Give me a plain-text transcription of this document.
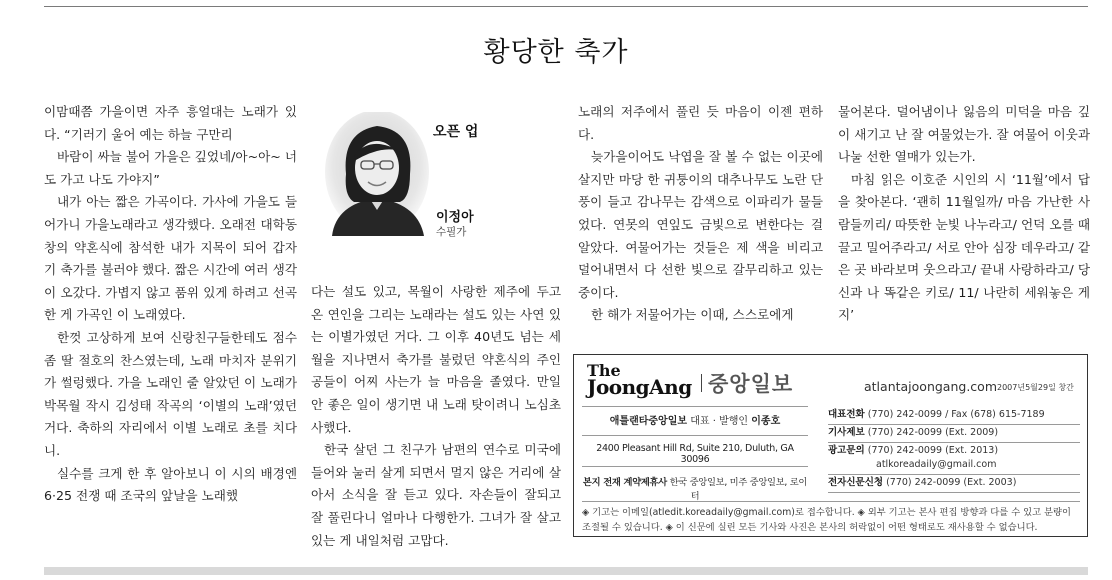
황당한 축가

이맘때쯤 가을이면 자주 흥얼대는 노래가 있다. “기러기 울어 예는 하늘 구만리

바람이 싸늘 불어 가을은 깊었네/아~아~ 너도 가고 나도 가야지”

내가 아는 짧은 가곡이다. 가사에 가을도 들어가니 가을노래라고 생각했다. 오래전 대학동창의 약혼식에 참석한 내가 지목이 되어 갑자기 축가를 불러야 했다. 짧은 시간에 여러 생각이 오갔다. 가볍지 않고 품위 있게 하려고 선곡한 게 가곡인 이 노래였다.

한껏 고상하게 보여 신랑친구들한테도 점수 좀 딸 절호의 찬스였는데, 노래 마치자 분위기가 썰렁했다. 가을 노래인 줄 알았던 이 노래가 박목월 작시 김성태 작곡의 ‘이별의 노래’였던 거다. 축하의 자리에서 이별 노래로 초를 치다니.

실수를 크게 한 후 알아보니 이 시의 배경엔 6·25 전쟁 때 조국의 앞날을 노래했

오픈 업
이정아
수필가

다는 설도 있고, 목월이 사랑한 제주에 두고 온 연인을 그리는 노래라는 설도 있는 사연 있는 이별가였던 거다. 그 이후 40년도 넘는 세월을 지나면서 축가를 불렀던 약혼식의 주인공들이 어찌 사는가 늘 마음을 졸였다. 만일 안 좋은 일이 생기면 내 노래 탓이려니 노심초사했다.

한국 살던 그 친구가 남편의 연수로 미국에 들어와 눌러 살게 되면서 멀지 않은 거리에 살아서 소식을 잘 듣고 있다. 자손들이 잘되고 잘 풀린다니 얼마나 다행한가. 그녀가 잘 살고 있는 게 내일처럼 고맙다.

노래의 저주에서 풀린 듯 마음이 이젠 편하다.

늦가을이어도 낙엽을 잘 볼 수 없는 이곳에 살지만 마당 한 귀퉁이의 대추나무도 노란 단풍이 들고 감나무는 감색으로 이파리가 물들었다. 연못의 연잎도 금빛으로 변한다는 걸 알았다. 여물어가는 것들은 제 색을 비리고 덜어내면서 다 선한 빛으로 갈무리하고 있는 중이다.

한 해가 저물어가는 이때, 스스로에게

물어본다. 덜어냄이나 잃음의 미덕을 마음 깊이 새기고 난 잘 여물었는가. 잘 여물어 이웃과 나눌 선한 열매가 있는가.

마침 읽은 이호준 시인의 시 ‘11월’에서 답을 찾아본다. ‘괜히 11월일까/ 마음 가난한 사람들끼리/ 따뜻한 눈빛 나누라고/ 언덕 오를 때 끌고 밀어주라고/ 서로 안아 심장 데우라고/ 같은 곳 바라보며 웃으라고/ 끝내 사랑하라고/ 당신과 나 똑같은 키로/ 11/ 나란히 세워놓은 게지’

The
JoongAng 중앙일보	atlantajoongang.com 2007년5월29일 창간
애틀랜타중앙일보 대표 · 발행인 이종호
2400 Pleasant Hill Rd, Suite 210, Duluth, GA 30096
본지 전재 계약제휴사 한국 중앙일보, 미주 중앙일보, 로이터
대표전화 (770) 242-0099 / Fax (678) 615-7189
기사제보 (770) 242-0099 (Ext. 2009)
광고문의 (770) 242-0099 (Ext. 2013)
atlkoreadaily@gmail.com
전자신문신청 (770) 242-0099 (Ext. 2003)
◈ 기고는 이메일(atledit.koreadaily@gmail.com)로 접수합니다. ◈ 외부 기고는 본사 편집 방향과 다를 수 있고 분량이 조절될 수 있습니다. ◈ 이 신문에 실린 모든 기사와 사진은 본사의 허락없이 어떤 형태로도 재사용할 수 없습니다.
